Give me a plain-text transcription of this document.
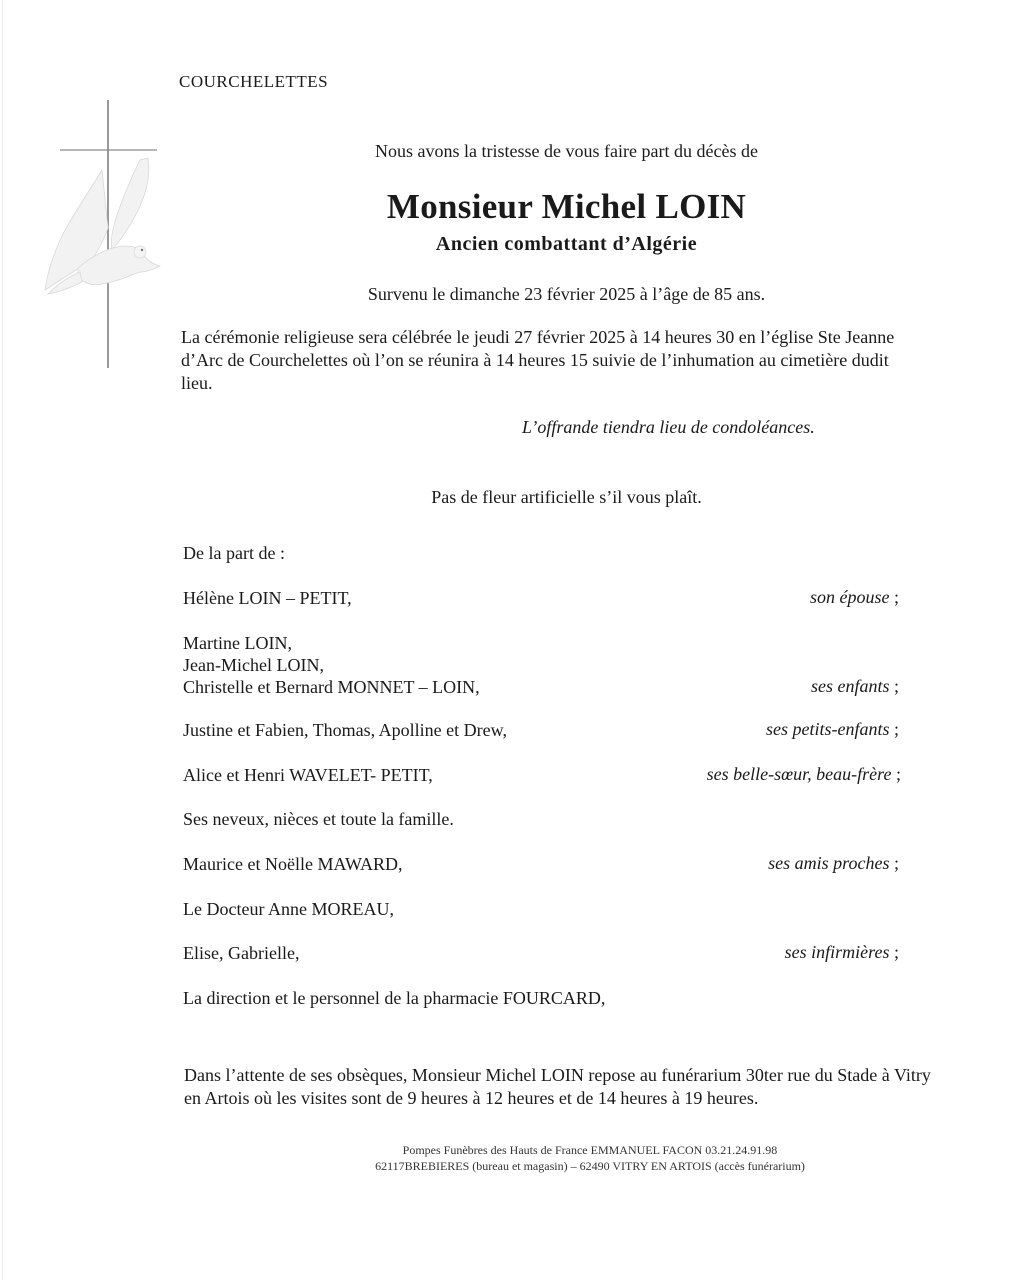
COURCHELETTES
Nous avons la tristesse de vous faire part du décès de
Monsieur Michel LOIN
Ancien combattant d’Algérie
Survenu le dimanche 23 février 2025 à l’âge de 85 ans.
La cérémonie religieuse sera célébrée le jeudi 27 février 2025 à 14 heures 30 en l’église Ste Jeanne d’Arc de Courchelettes où l’on se réunira à 14 heures 15 suivie de l’inhumation au cimetière dudit lieu.
L’offrande tiendra lieu de condoléances.
Pas de fleur artificielle s’il vous plaît.
De la part de :
Hélène LOIN – PETIT,	son épouse ;
Martine LOIN,
Jean-Michel LOIN,
Christelle et Bernard MONNET – LOIN,	ses enfants ;
Justine et Fabien, Thomas, Apolline et Drew,	ses petits-enfants ;
Alice et Henri WAVELET- PETIT,	ses belle-sœur, beau-frère ;
Ses neveux, nièces et toute la famille.
Maurice et Noëlle MAWARD,	ses amis proches ;
Le Docteur Anne MOREAU,
Elise, Gabrielle,	ses infirmières ;
La direction et le personnel de la pharmacie FOURCARD,
Dans l’attente de ses obsèques, Monsieur Michel LOIN repose au funérarium 30ter rue du Stade à Vitry en Artois où les visites sont de 9 heures à 12 heures et de 14 heures à 19 heures.
Pompes Funèbres des Hauts de France EMMANUEL FACON 03.21.24.91.98
62117BREBIERES (bureau et magasin) – 62490 VITRY EN ARTOIS (accès funérarium)
